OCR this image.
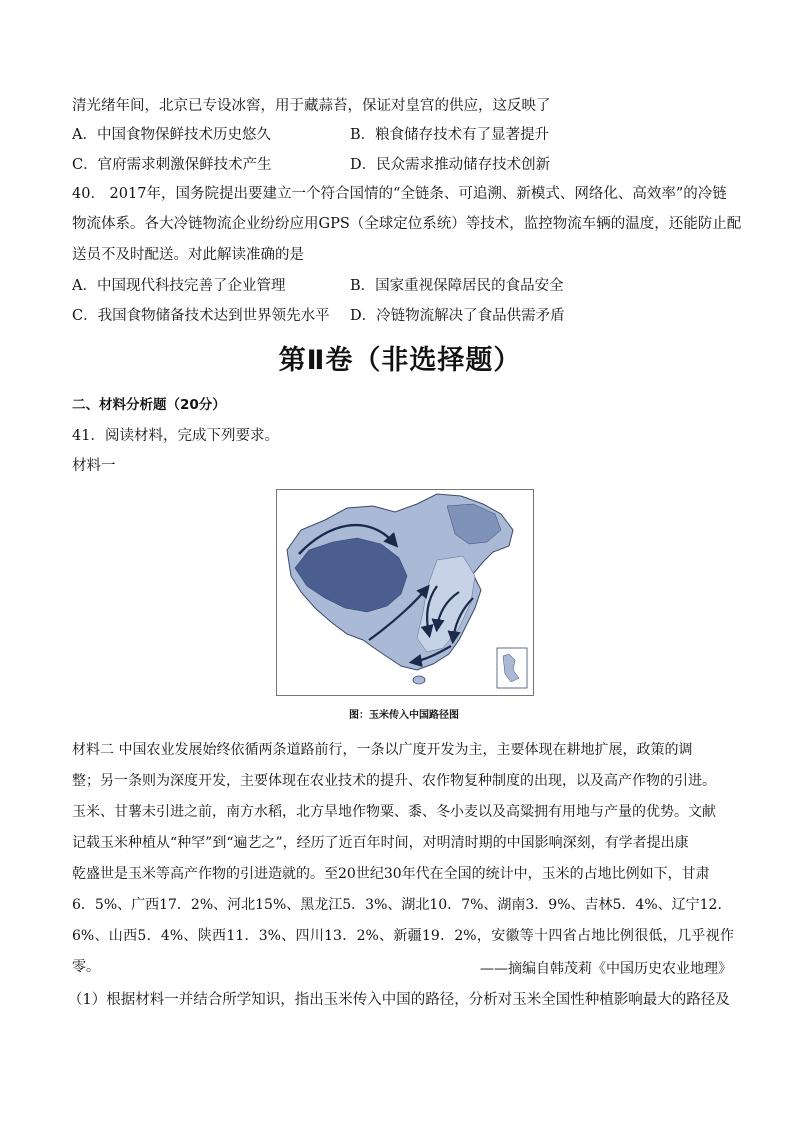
清光绪年间，北京已专设冰窖，用于藏蒜苔，保证对皇宫的供应，这反映了
A．中国食物保鲜技术历史悠久	B．粮食储存技术有了显著提升
C．官府需求刺激保鲜技术产生	D．民众需求推动储存技术创新
40． 2017年，国务院提出要建立一个符合国情的“全链条、可追溯、新模式、网络化、高效率”的冷链
物流体系。各大冷链物流企业纷纷应用GPS（全球定位系统）等技术，监控物流车辆的温度，还能防止配
送员不及时配送。对此解读准确的是
A．中国现代科技完善了企业管理	B．国家重视保障居民的食品安全
C．我国食物储备技术达到世界领先水平 D．冷链物流解决了食品供需矛盾
第Ⅱ卷（非选择题）
二、材料分析题（20分）
41．阅读材料，完成下列要求。
材料一
图：玉米传入中国路径图
材料二 中国农业发展始终依循两条道路前行，一条以广度开发为主，主要体现在耕地扩展，政策的调
整；另一条则为深度开发，主要体现在农业技术的提升、农作物复种制度的出现，以及高产作物的引进。
玉米、甘薯未引进之前，南方水稻，北方旱地作物粟、黍、冬小麦以及高粱拥有用地与产量的优势。文献
记载玉米种植从“种罕”到“遍艺之”，经历了近百年时间，对明清时期的中国影响深刻，有学者提出康
乾盛世是玉米等高产作物的引进造就的。至20世纪30年代在全国的统计中，玉米的占地比例如下，甘肃
6．5%、广西17．2%、河北15%、黑龙江5．3%、湖北10．7%、湖南3．9%、吉林5．4%、辽宁12．
6%、山西5．4%、陕西11．3%、四川13．2%、新疆19．2%，安徽等十四省占地比例很低，几乎视作零。	——摘编自韩茂莉《中国历史农业地理》
（1）根据材料一并结合所学知识，指出玉米传入中国的路径，分析对玉米全国性种植影响最大的路径及
